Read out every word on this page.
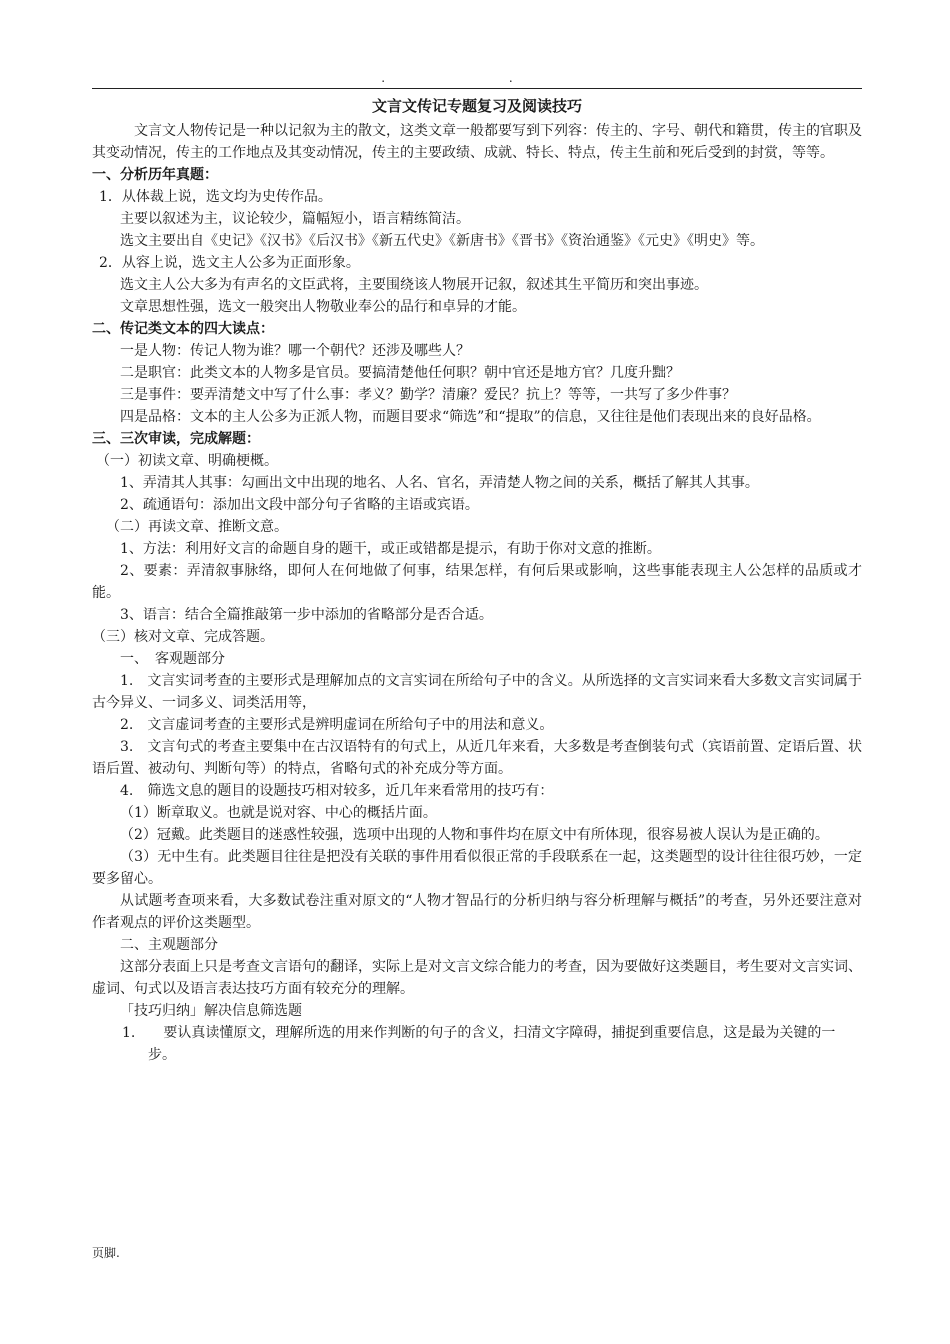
. .

文言文传记专题复习及阅读技巧

文言文人物传记是一种以记叙为主的散文，这类文章一般都要写到下列容：传主的、字号、朝代和籍贯，传主的官职及其变动情况，传主的工作地点及其变动情况，传主的主要政绩、成就、特长、特点，传主生前和死后受到的封赏，等等。

一、分析历年真题：

1．从体裁上说，选文均为史传作品。

主要以叙述为主，议论较少，篇幅短小，语言精练简洁。

选文主要出自《史记》《汉书》《后汉书》《新五代史》《新唐书》《晋书》《资治通鉴》《元史》《明史》等。

2．从容上说，选文主人公多为正面形象。

选文主人公大多为有声名的文臣武将，主要围绕该人物展开记叙，叙述其生平简历和突出事迹。

文章思想性强，选文一般突出人物敬业奉公的品行和卓异的才能。

二、传记类文本的四大读点：

一是人物：传记人物为谁？哪一个朝代？还涉及哪些人？

二是职官：此类文本的人物多是官员。要搞清楚他任何职？朝中官还是地方官？几度升黜？

三是事件：要弄清楚文中写了什么事：孝义？勤学？清廉？爱民？抗上？等等，一共写了多少件事？

四是品格：文本的主人公多为正派人物，而题目要求“筛选”和“提取”的信息，又往往是他们表现出来的良好品格。

三、三次审读，完成解题：

（一）初读文章、明确梗概。

1、弄清其人其事：勾画出文中出现的地名、人名、官名，弄清楚人物之间的关系，概括了解其人其事。

2、疏通语句：添加出文段中部分句子省略的主语或宾语。

（二）再读文章、推断文意。

1、方法：利用好文言的命题自身的题干，或正或错都是提示，有助于你对文意的推断。

2、要素：弄清叙事脉络，即何人在何地做了何事，结果怎样，有何后果或影响，这些事能表现主人公怎样的品质或才能。

3、语言：结合全篇推敲第一步中添加的省略部分是否合适。

（三）核对文章、完成答题。

一、　客观题部分

1.　文言实词考查的主要形式是理解加点的文言实词在所给句子中的含义。从所选择的文言实词来看大多数文言实词属于古今异义、一词多义、词类活用等，

2.　文言虚词考查的主要形式是辨明虚词在所给句子中的用法和意义。

3.　文言句式的考查主要集中在古汉语特有的句式上，从近几年来看，大多数是考查倒装句式（宾语前置、定语后置、状语后置、被动句、判断句等）的特点，省略句式的补充成分等方面。

4.　筛选文息的题目的设题技巧相对较多，近几年来看常用的技巧有：

（1）断章取义。也就是说对容、中心的概括片面。

（2）冠戴。此类题目的迷惑性较强，选项中出现的人物和事件均在原文中有所体现，很容易被人误认为是正确的。

（3）无中生有。此类题目往往是把没有关联的事件用看似很正常的手段联系在一起，这类题型的设计往往很巧妙，一定要多留心。

从试题考查项来看，大多数试卷注重对原文的“人物才智品行的分析归纳与容分析理解与概括”的考查，另外还要注意对作者观点的评价这类题型。

二、主观题部分

这部分表面上只是考查文言语句的翻译，实际上是对文言文综合能力的考查，因为要做好这类题目，考生要对文言实词、虚词、句式以及语言表达技巧方面有较充分的理解。

「技巧归纳」解决信息筛选题

1.　　要认真读懂原文，理解所选的用来作判断的句子的含义，扫清文字障碍，捕捉到重要信息，这是最为关键的一步。

页脚.
